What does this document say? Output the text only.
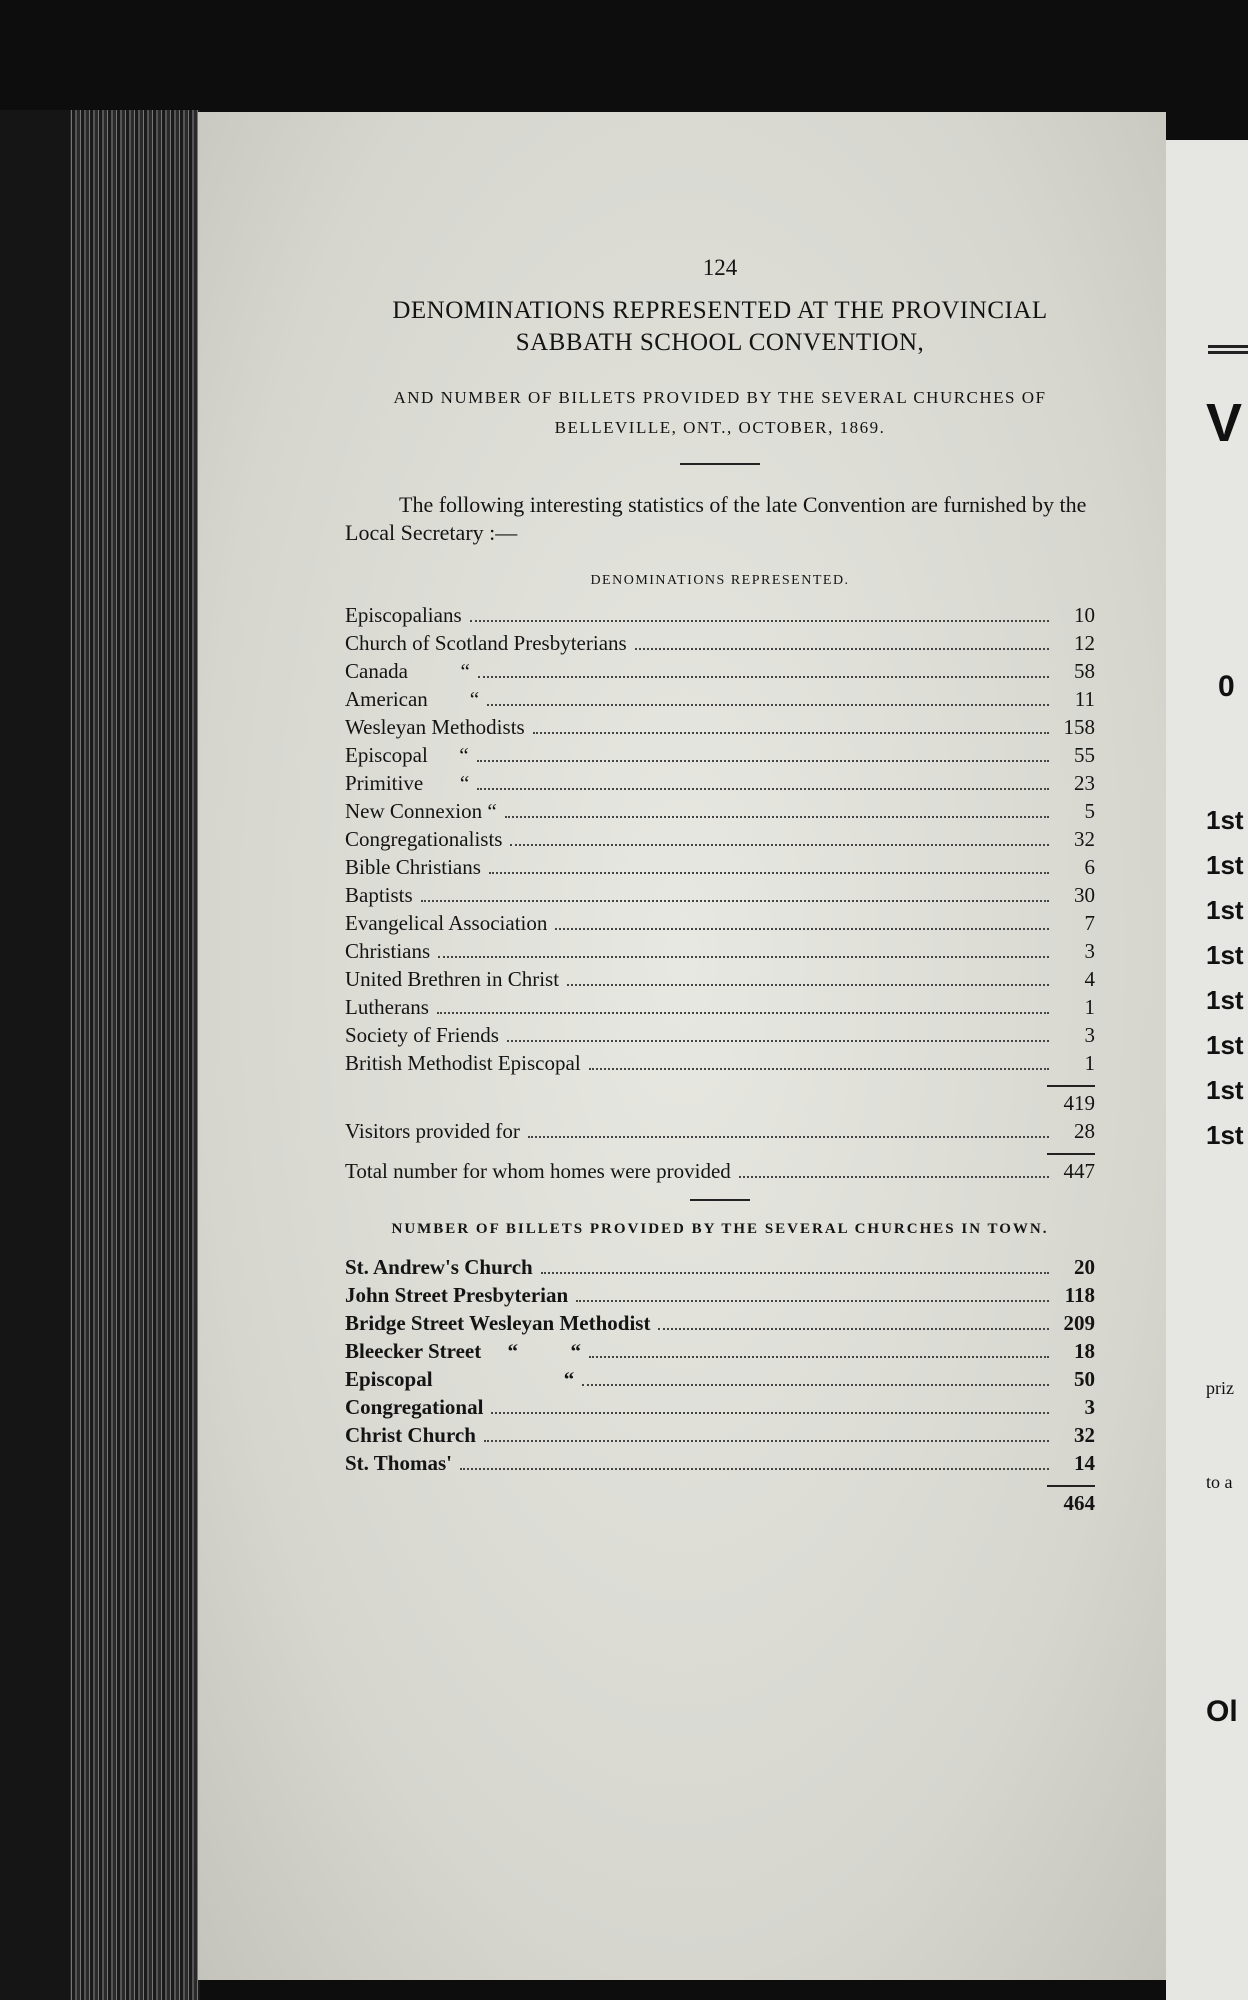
V
0
1st
1st
1st
1st
1st
1st
1st
1st
priz
to a
Ol
124
DENOMINATIONS REPRESENTED AT THE PROVINCIAL SABBATH SCHOOL CONVENTION,
AND NUMBER OF BILLETS PROVIDED BY THE SEVERAL CHURCHES OF BELLEVILLE, ONT., OCTOBER, 1869.

The following interesting statistics of the late Convention are furnished by the Local Secretary :—

DENOMINATIONS REPRESENTED.
Episcopalians	10
Church of Scotland Presbyterians	12
Canada          “	58
American        “	11
Wesleyan Methodists	158
Episcopal      “	55
Primitive       “	23
New Connexion “	5
Congregationalists	32
Bible Christians	6
Baptists	30
Evangelical Association	7
Christians	3
United Brethren in Christ	4
Lutherans	1
Society of Friends	3
British Methodist Episcopal	1
419
Visitors provided for	28
Total number for whom homes were provided	447
NUMBER OF BILLETS PROVIDED BY THE SEVERAL CHURCHES IN TOWN.
St. Andrew's Church	20
John Street Presbyterian	118
Bridge Street Wesleyan Methodist	209
Bleecker Street     “          “	18
Episcopal                         “	50
Congregational	3
Christ Church	32
St. Thomas'	14
464
